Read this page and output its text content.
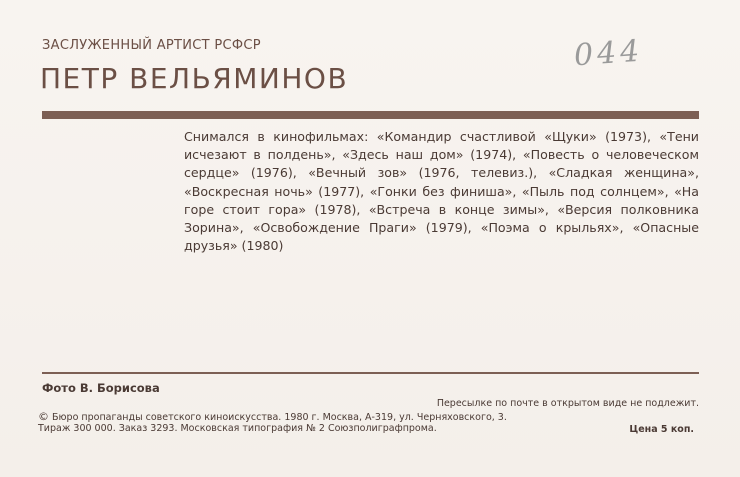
ЗАСЛУЖЕННЫЙ АРТИСТ РСФСР
ПЕТР ВЕЛЬЯМИНОВ
044
Снимался в кинофильмах: «Командир счастливой «Щуки» (1973), «Тени исчезают в полдень», «Здесь наш дом» (1974), «Повесть о человеческом сердце» (1976), «Вечный зов» (1976, телевиз.), «Сладкая женщина», «Воскресная ночь» (1977), «Гонки без финиша», «Пыль под солнцем», «На горе стоит гора» (1978), «Встреча в конце зимы», «Версия полковника Зорина», «Освобождение Праги» (1979), «Поэма о крыльях», «Опасные друзья» (1980)
Фото В. Борисова
Пересылке по почте в открытом виде не подлежит.
© Бюро пропаганды советского киноискусства. 1980 г. Москва, А-319, ул. Черняховского, 3.
Тираж 300 000. Заказ 3293. Московская типография № 2 Союзполиграфпрома.	Цена 5 коп.
